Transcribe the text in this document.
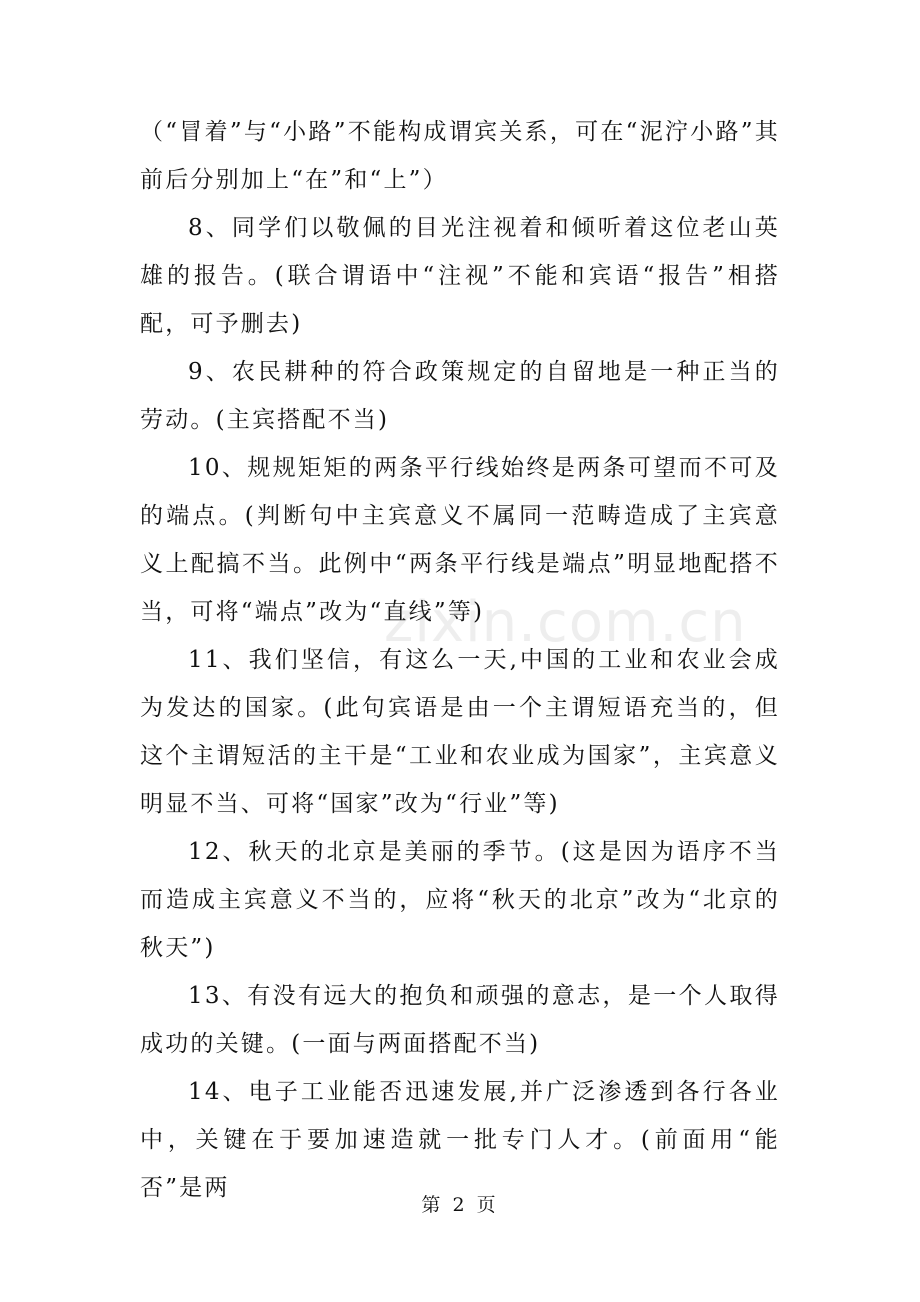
（“冒着”与“小路”不能构成谓宾关系，可在“泥泞小路”其前后分别加上“在”和“上”）

8、同学们以敬佩的目光注视着和倾听着这位老山英雄的报告。(联合谓语中“注视”不能和宾语“报告”相搭配，可予删去)

9、农民耕种的符合政策规定的自留地是一种正当的劳动。(主宾搭配不当)

10、规规矩矩的两条平行线始终是两条可望而不可及的端点。(判断句中主宾意义不属同一范畴造成了主宾意义上配搞不当。此例中“两条平行线是端点”明显地配搭不当，可将“端点”改为“直线”等)

11、我们坚信，有这么一天,中国的工业和农业会成为发达的国家。(此句宾语是由一个主谓短语充当的，但这个主谓短活的主干是“工业和农业成为国家”，主宾意义明显不当、可将“国家”改为“行业”等)

12、秋天的北京是美丽的季节。(这是因为语序不当而造成主宾意义不当的，应将“秋天的北京”改为“北京的秋天”)

13、有没有远大的抱负和顽强的意志，是一个人取得成功的关键。(一面与两面搭配不当)

14、电子工业能否迅速发展,并广泛渗透到各行各业中，关键在于要加速造就一批专门人才。(前面用“能否”是两

zixin.com.cn
第 2 页
